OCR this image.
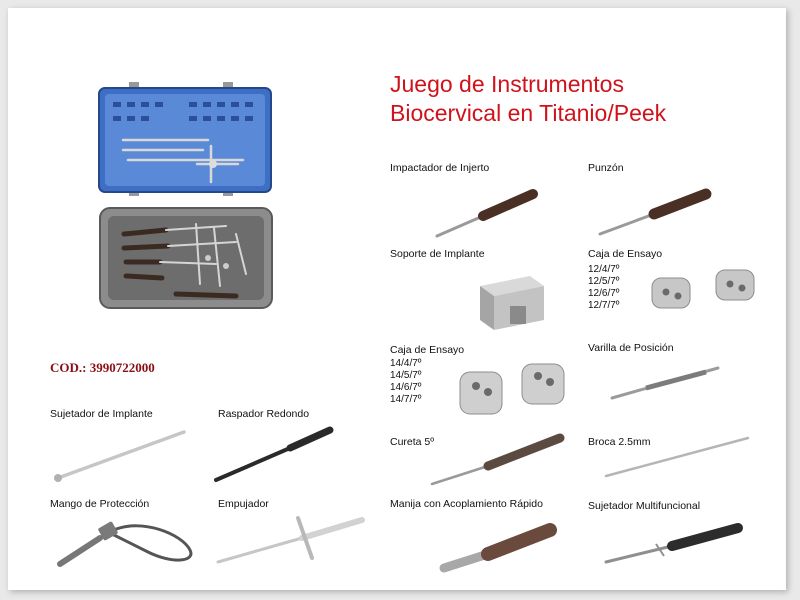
Juego de Instrumentos
Biocervical en Titanio/Peek
COD.: 3990722000
Impactador de Injerto	Punzón
Soporte de Implante	Caja de Ensayo
12/4/7º
12/5/7º
12/6/7º
12/7/7º
Caja de Ensayo
14/4/7º
14/5/7º
14/6/7º
14/7/7º
Varilla de Posición
Cureta 5º	Broca 2.5mm
Manija con Acoplamiento Rápido	Sujetador Multifuncional
Sujetador de Implante	Raspador Redondo
Mango de Protección	Empujador
